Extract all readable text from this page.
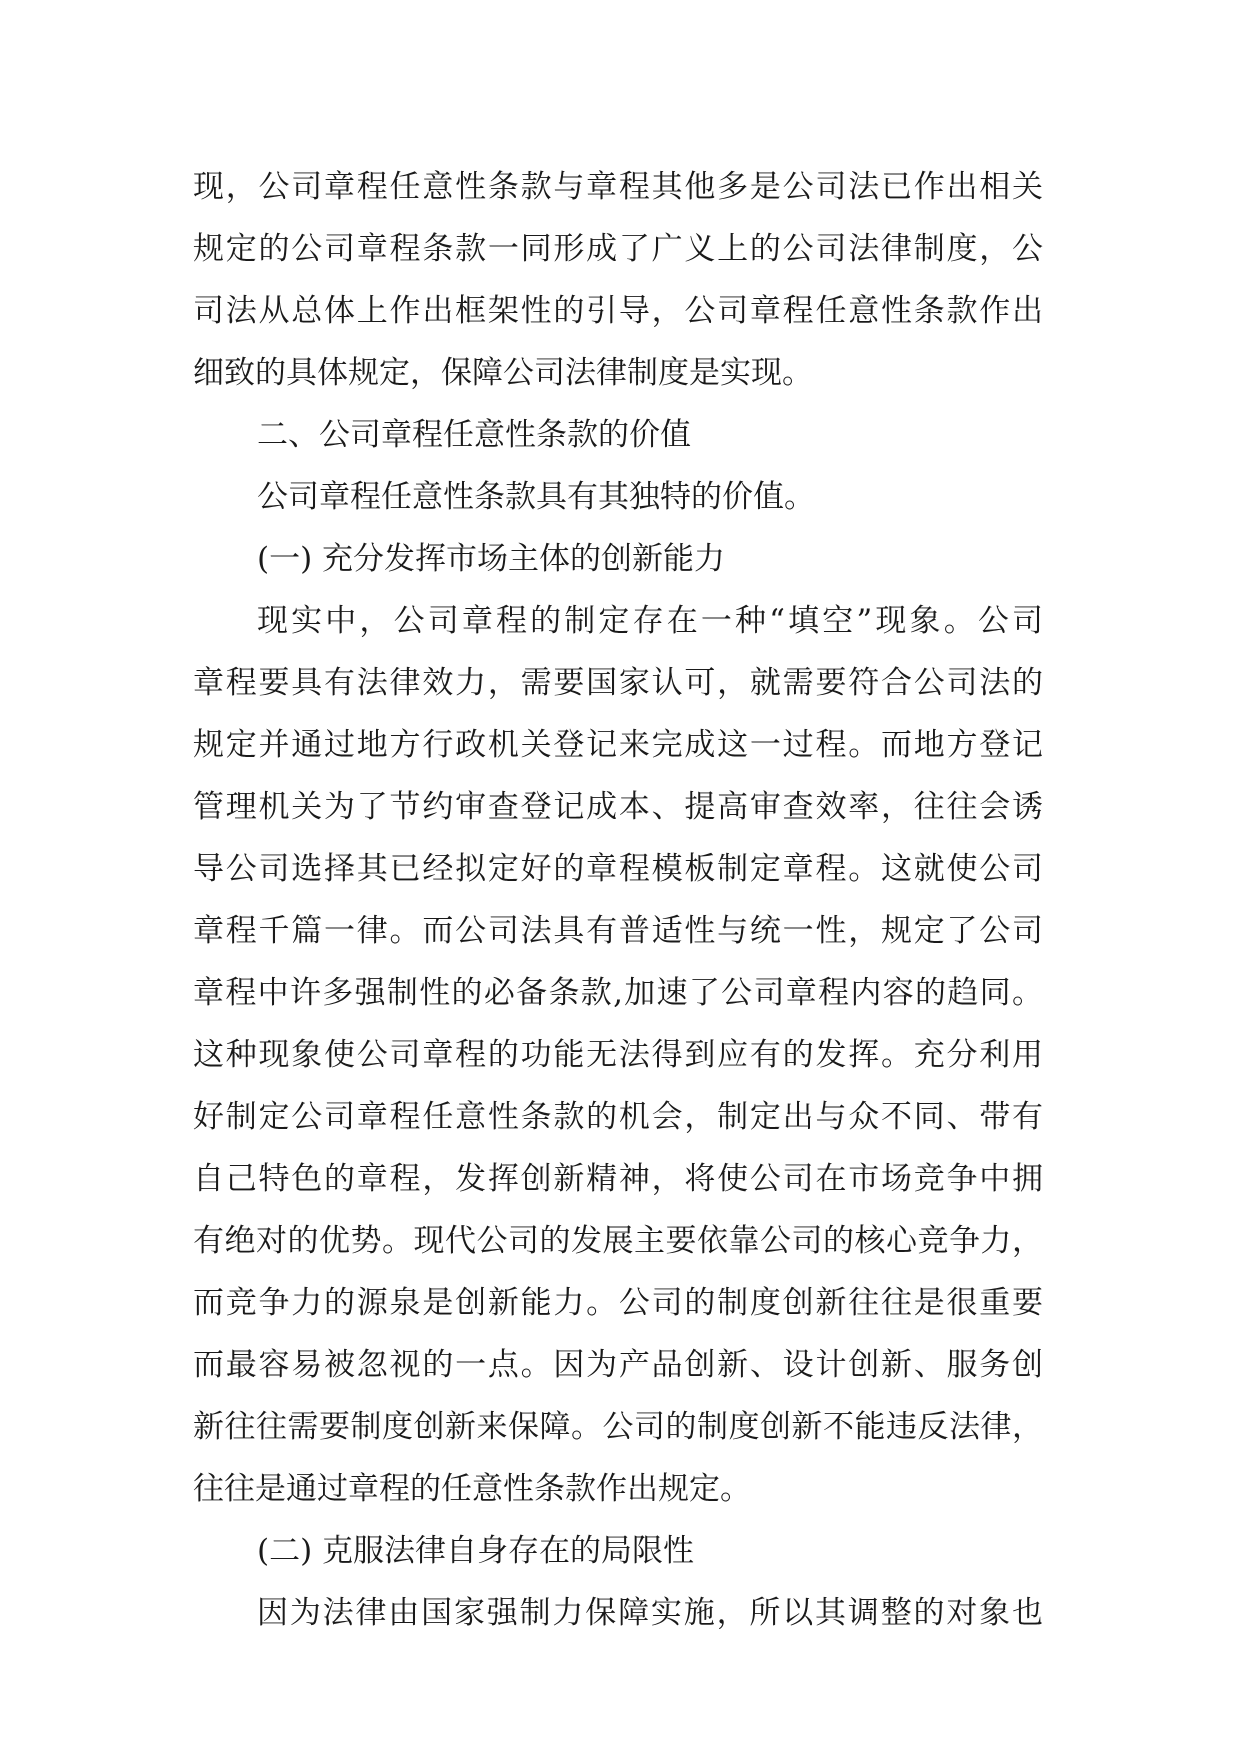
现，公司章程任意性条款与章程其他多是公司法已作出相关
规定的公司章程条款一同形成了广义上的公司法律制度，公
司法从总体上作出框架性的引导，公司章程任意性条款作出
细致的具体规定，保障公司法律制度是实现。
二、公司章程任意性条款的价值
公司章程任意性条款具有其独特的价值。
(一) 充分发挥市场主体的创新能力
现实中，公司章程的制定存在一种“填空”现象。公司
章程要具有法律效力，需要国家认可，就需要符合公司法的
规定并通过地方行政机关登记来完成这一过程。而地方登记
管理机关为了节约审查登记成本、提高审查效率，往往会诱
导公司选择其已经拟定好的章程模板制定章程。这就使公司
章程千篇一律。而公司法具有普适性与统一性，规定了公司
章程中许多强制性的必备条款,加速了公司章程内容的趋同。
这种现象使公司章程的功能无法得到应有的发挥。充分利用
好制定公司章程任意性条款的机会，制定出与众不同、带有
自己特色的章程，发挥创新精神，将使公司在市场竞争中拥
有绝对的优势。现代公司的发展主要依靠公司的核心竞争力，
而竞争力的源泉是创新能力。公司的制度创新往往是很重要
而最容易被忽视的一点。因为产品创新、设计创新、服务创
新往往需要制度创新来保障。公司的制度创新不能违反法律，
往往是通过章程的任意性条款作出规定。
(二) 克服法律自身存在的局限性
因为法律由国家强制力保障实施，所以其调整的对象也
